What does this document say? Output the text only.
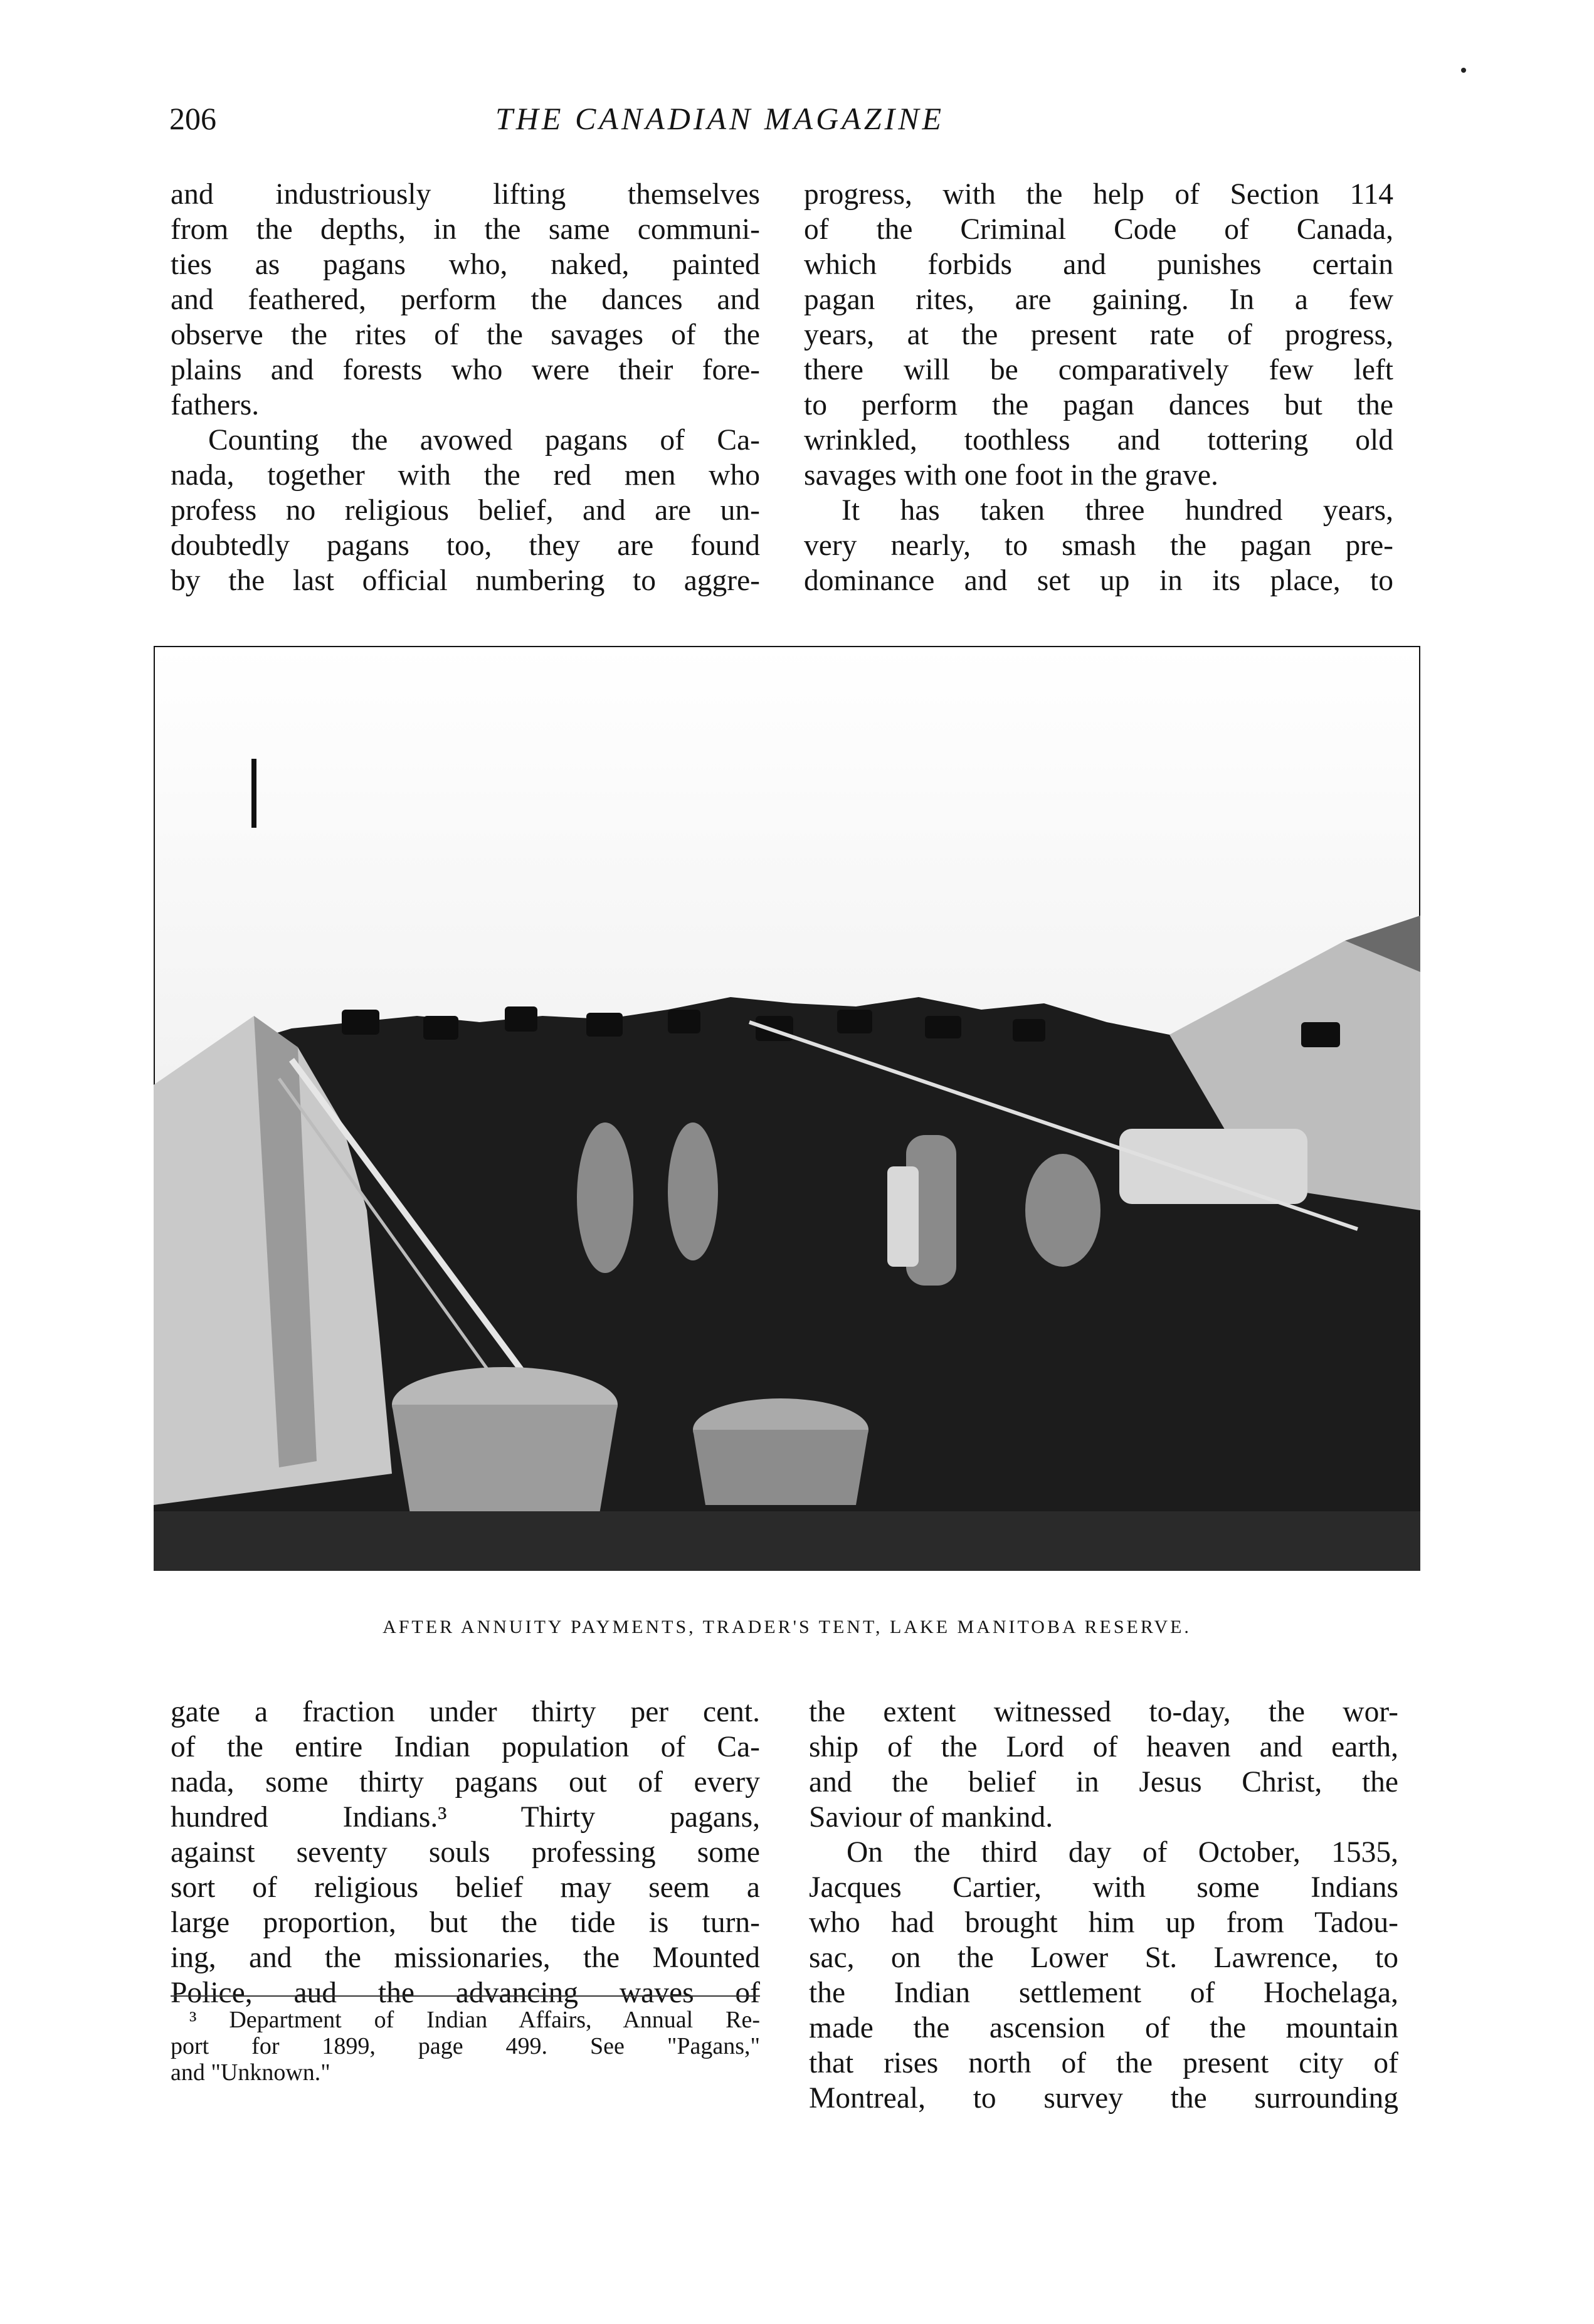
206	THE CANADIAN MAGAZINE
and industriously lifting themselves
from the depths, in the same communi-
ties as pagans who, naked, painted
and feathered, perform the dances and
observe the rites of the savages of the
plains and forests who were their fore-
fathers.
Counting the avowed pagans of Ca-
nada, together with the red men who
profess no religious belief, and are un-
doubtedly pagans too, they are found
by the last official numbering to aggre-
progress, with the help of Section 114
of the Criminal Code of Canada,
which forbids and punishes certain
pagan rites, are gaining. In a few
years, at the present rate of progress,
there will be comparatively few left
to perform the pagan dances but the
wrinkled, toothless and tottering old
savages with one foot in the grave.
It has taken three hundred years,
very nearly, to smash the pagan pre-
dominance and set up in its place, to
AFTER ANNUITY PAYMENTS, TRADER'S TENT, LAKE MANITOBA RESERVE.
gate a fraction under thirty per cent.
of the entire Indian population of Ca-
nada, some thirty pagans out of every
hundred Indians.³ Thirty pagans,
against seventy souls professing some
sort of religious belief may seem a
large proportion, but the tide is turn-
ing, and the missionaries, the Mounted
Police, aud the advancing waves of
³ Department of Indian Affairs, Annual Re-
port for 1899, page 499. See "Pagans,"
and "Unknown."
the extent witnessed to-day, the wor-
ship of the Lord of heaven and earth,
and the belief in Jesus Christ, the
Saviour of mankind.
On the third day of October, 1535,
Jacques Cartier, with some Indians
who had brought him up from Tadou-
sac, on the Lower St. Lawrence, to
the Indian settlement of Hochelaga,
made the ascension of the mountain
that rises north of the present city of
Montreal, to survey the surrounding
